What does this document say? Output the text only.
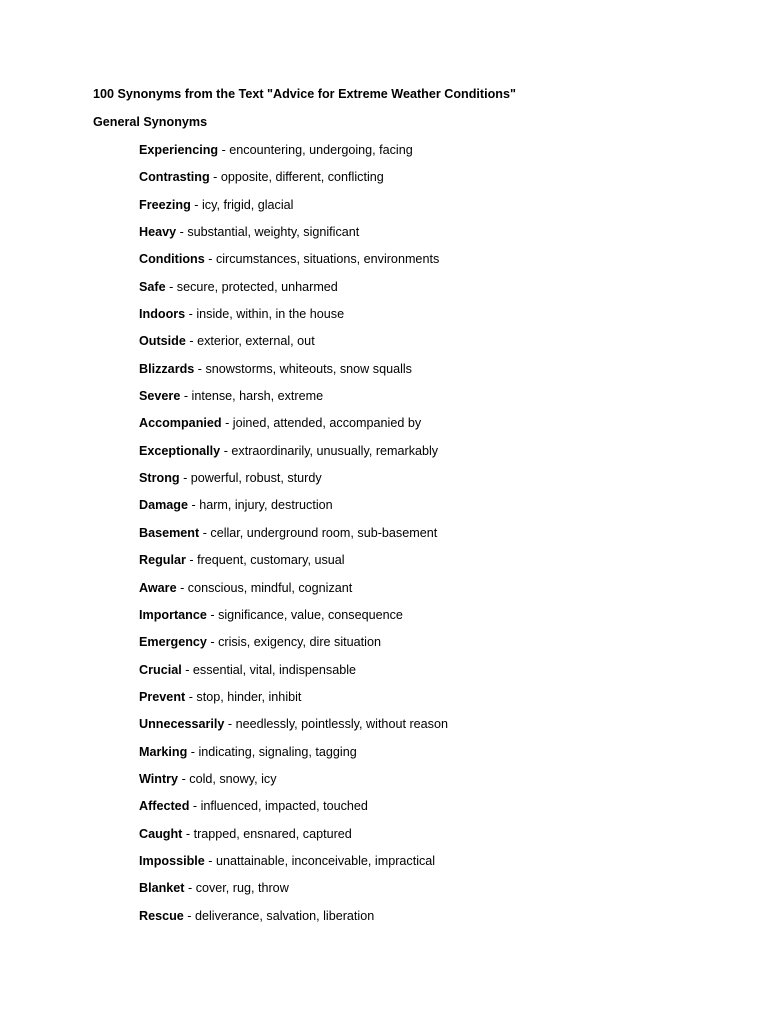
100 Synonyms from the Text "Advice for Extreme Weather Conditions"
General Synonyms
Experiencing - encountering, undergoing, facing
Contrasting - opposite, different, conflicting
Freezing - icy, frigid, glacial
Heavy - substantial, weighty, significant
Conditions - circumstances, situations, environments
Safe - secure, protected, unharmed
Indoors - inside, within, in the house
Outside - exterior, external, out
Blizzards - snowstorms, whiteouts, snow squalls
Severe - intense, harsh, extreme
Accompanied - joined, attended, accompanied by
Exceptionally - extraordinarily, unusually, remarkably
Strong - powerful, robust, sturdy
Damage - harm, injury, destruction
Basement - cellar, underground room, sub-basement
Regular - frequent, customary, usual
Aware - conscious, mindful, cognizant
Importance - significance, value, consequence
Emergency - crisis, exigency, dire situation
Crucial - essential, vital, indispensable
Prevent - stop, hinder, inhibit
Unnecessarily - needlessly, pointlessly, without reason
Marking - indicating, signaling, tagging
Wintry - cold, snowy, icy
Affected - influenced, impacted, touched
Caught - trapped, ensnared, captured
Impossible - unattainable, inconceivable, impractical
Blanket - cover, rug, throw
Rescue - deliverance, salvation, liberation
